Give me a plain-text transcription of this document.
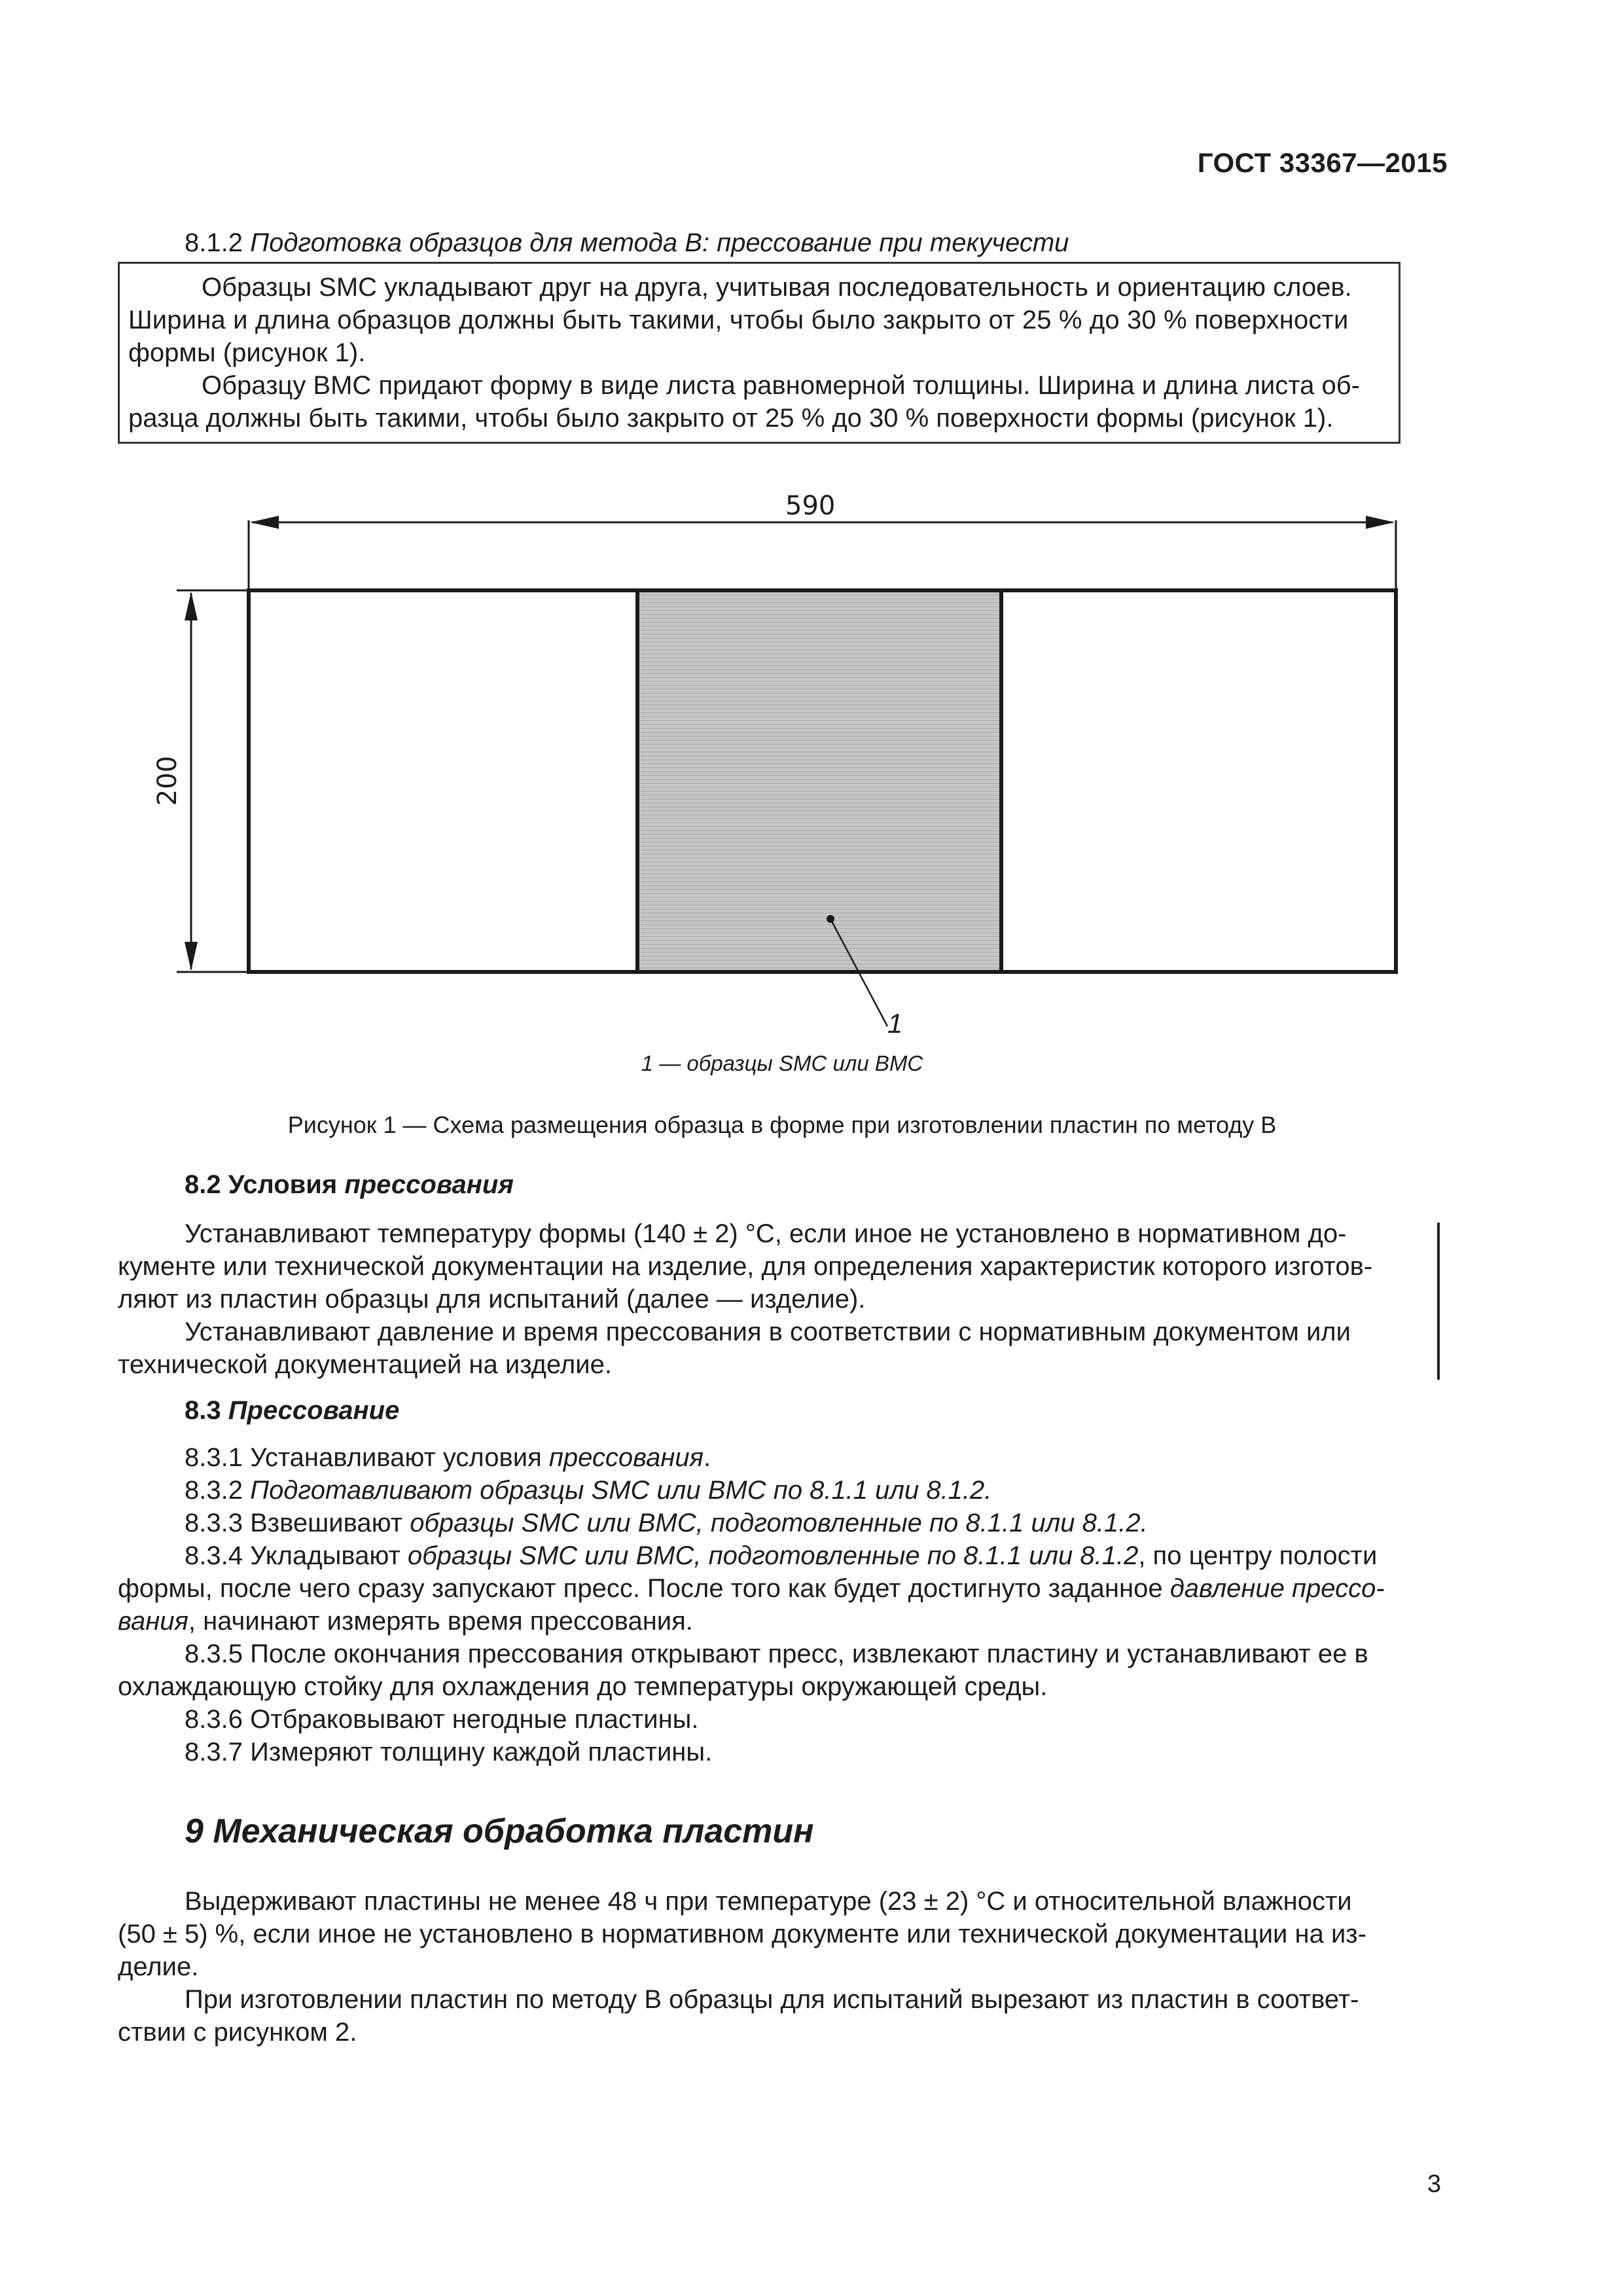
ГОСТ 33367—2015
8.1.2 Подготовка образцов для метода В: прессование при текучести
Образцы SMC укладывают друг на друга, учитывая последовательность и ориентацию слоев.
Ширина и длина образцов должны быть такими, чтобы было закрыто от 25 % до 30 % поверхности
формы (рисунок 1).
Образцу ВМС придают форму в виде листа равномерной толщины. Ширина и длина листа об-
разца должны быть такими, чтобы было закрыто от 25 % до 30 % поверхности формы (рисунок 1).
590
200
1
1 — образцы SMC или ВМС
Рисунок 1 — Схема размещения образца в форме при изготовлении пластин по методу В
8.2 Условия прессования
Устанавливают температуру формы (140 ± 2) °С, если иное не установлено в нормативном до-
кументе или технической документации на изделие, для определения характеристик которого изготов-
ляют из пластин образцы для испытаний (далее — изделие).
Устанавливают давление и время прессования в соответствии с нормативным документом или
технической документацией на изделие.
8.3 Прессование
8.3.1 Устанавливают условия прессования.
8.3.2 Подготавливают образцы SMC или ВМС по 8.1.1 или 8.1.2.
8.3.3 Взвешивают образцы SMC или ВМС, подготовленные по 8.1.1 или 8.1.2.
8.3.4 Укладывают образцы SMC или ВМС, подготовленные по 8.1.1 или 8.1.2, по центру полости
формы, после чего сразу запускают пресс. После того как будет достигнуто заданное давление прессо-
вания, начинают измерять время прессования.
8.3.5 После окончания прессования открывают пресс, извлекают пластину и устанавливают ее в
охлаждающую стойку для охлаждения до температуры окружающей среды.
8.3.6 Отбраковывают негодные пластины.
8.3.7 Измеряют толщину каждой пластины.
9 Механическая обработка пластин
Выдерживают пластины не менее 48 ч при температуре (23 ± 2) °С и относительной влажности
(50 ± 5) %, если иное не установлено в нормативном документе или технической документации на из-
делие.
При изготовлении пластин по методу В образцы для испытаний вырезают из пластин в соответ-
ствии с рисунком 2.
3
